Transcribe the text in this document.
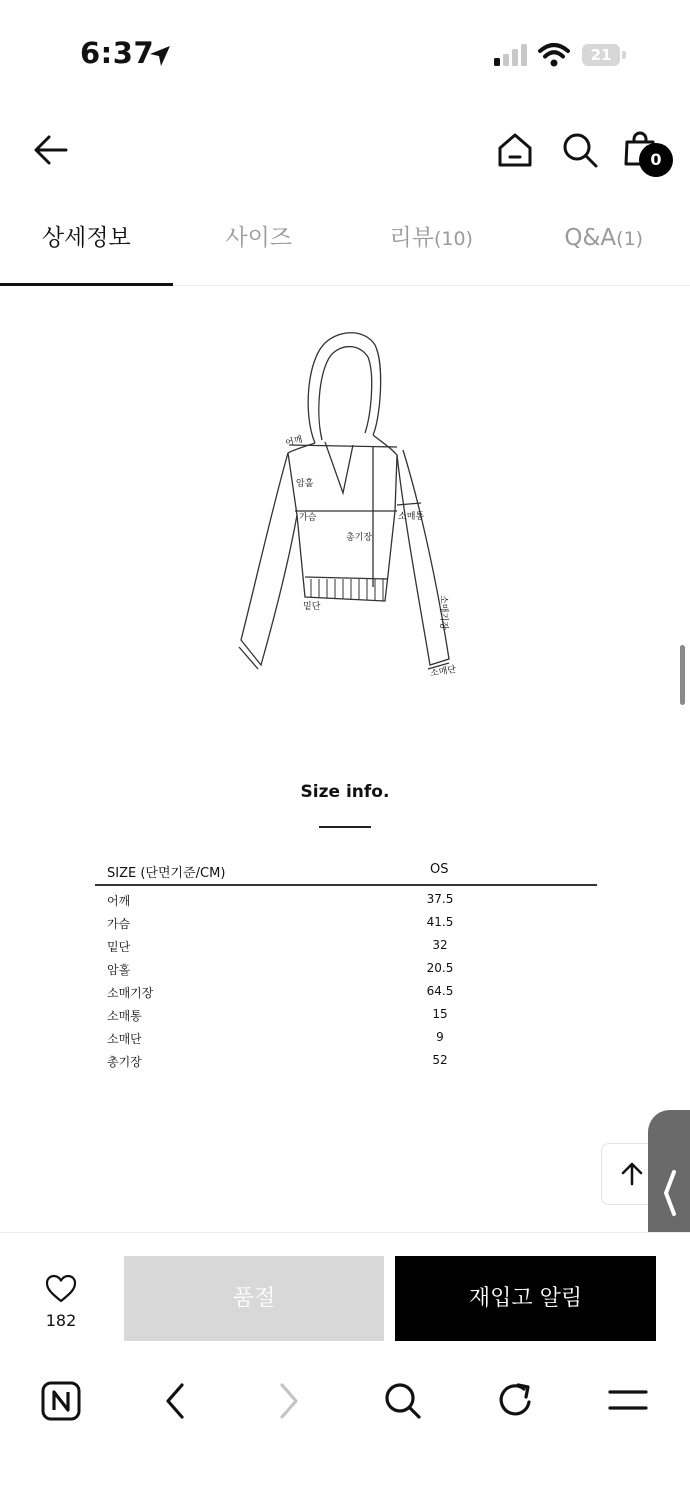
6:37	21
0
상세정보	사이즈	리뷰(10)	Q&A(1)
어깨
암홀
가슴
총기장
소매통
밑단	소매기장
소매단
Size info.
SIZE (단면기준/CM)	OS
어깨	37.5
가슴	41.5
밑단	32
암홀	20.5
소매기장	64.5
소매통	15
소매단	9
총기장	52
182
품절	재입고 알림
